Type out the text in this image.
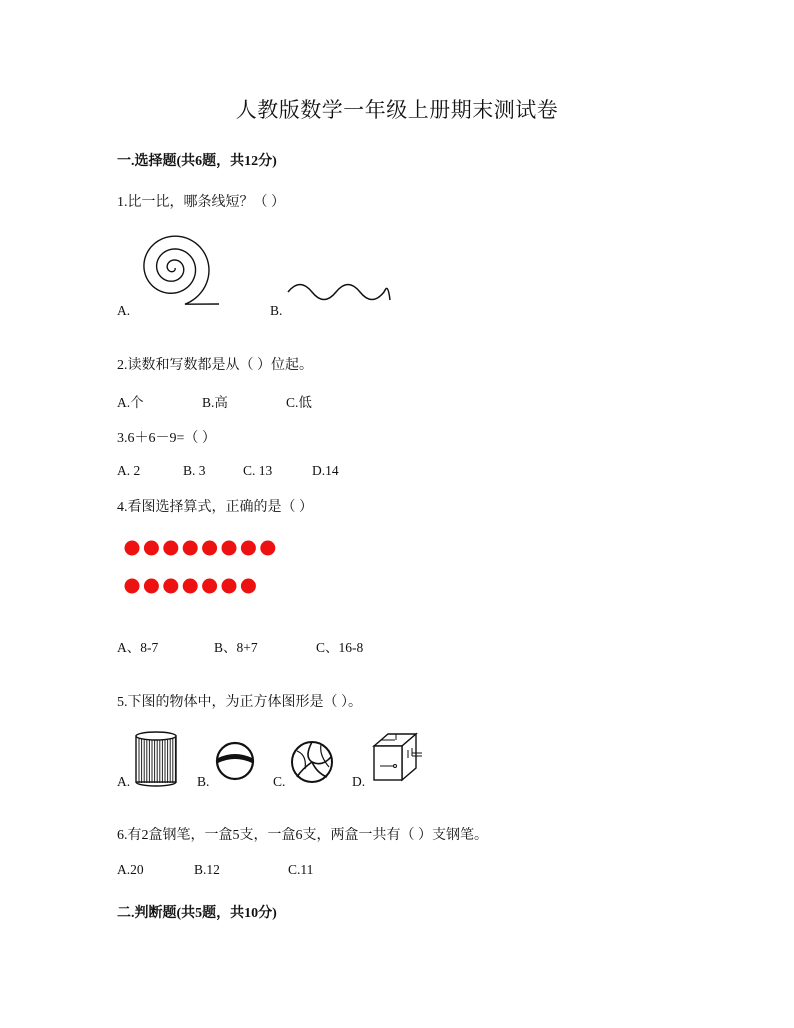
人教版数学一年级上册期末测试卷
一.选择题(共6题，共12分)
1.比一比，哪条线短？（ ）
A.	B.
2.读数和写数都是从（ ）位起。
A.个	B.高	C.低
3.6＋6－9=（ ）
A. 2	B. 3	C. 13	D.14
4.看图选择算式，正确的是（ ）
A、8-7	B、8+7	C、16-8
5.下图的物体中，为正方体图形是（ ）。
A.	B.	C.	D.
6.有2盒钢笔，一盒5支，一盒6支，两盒一共有（ ）支钢笔。
A.20	B.12	C.11
二.判断题(共5题，共10分)
